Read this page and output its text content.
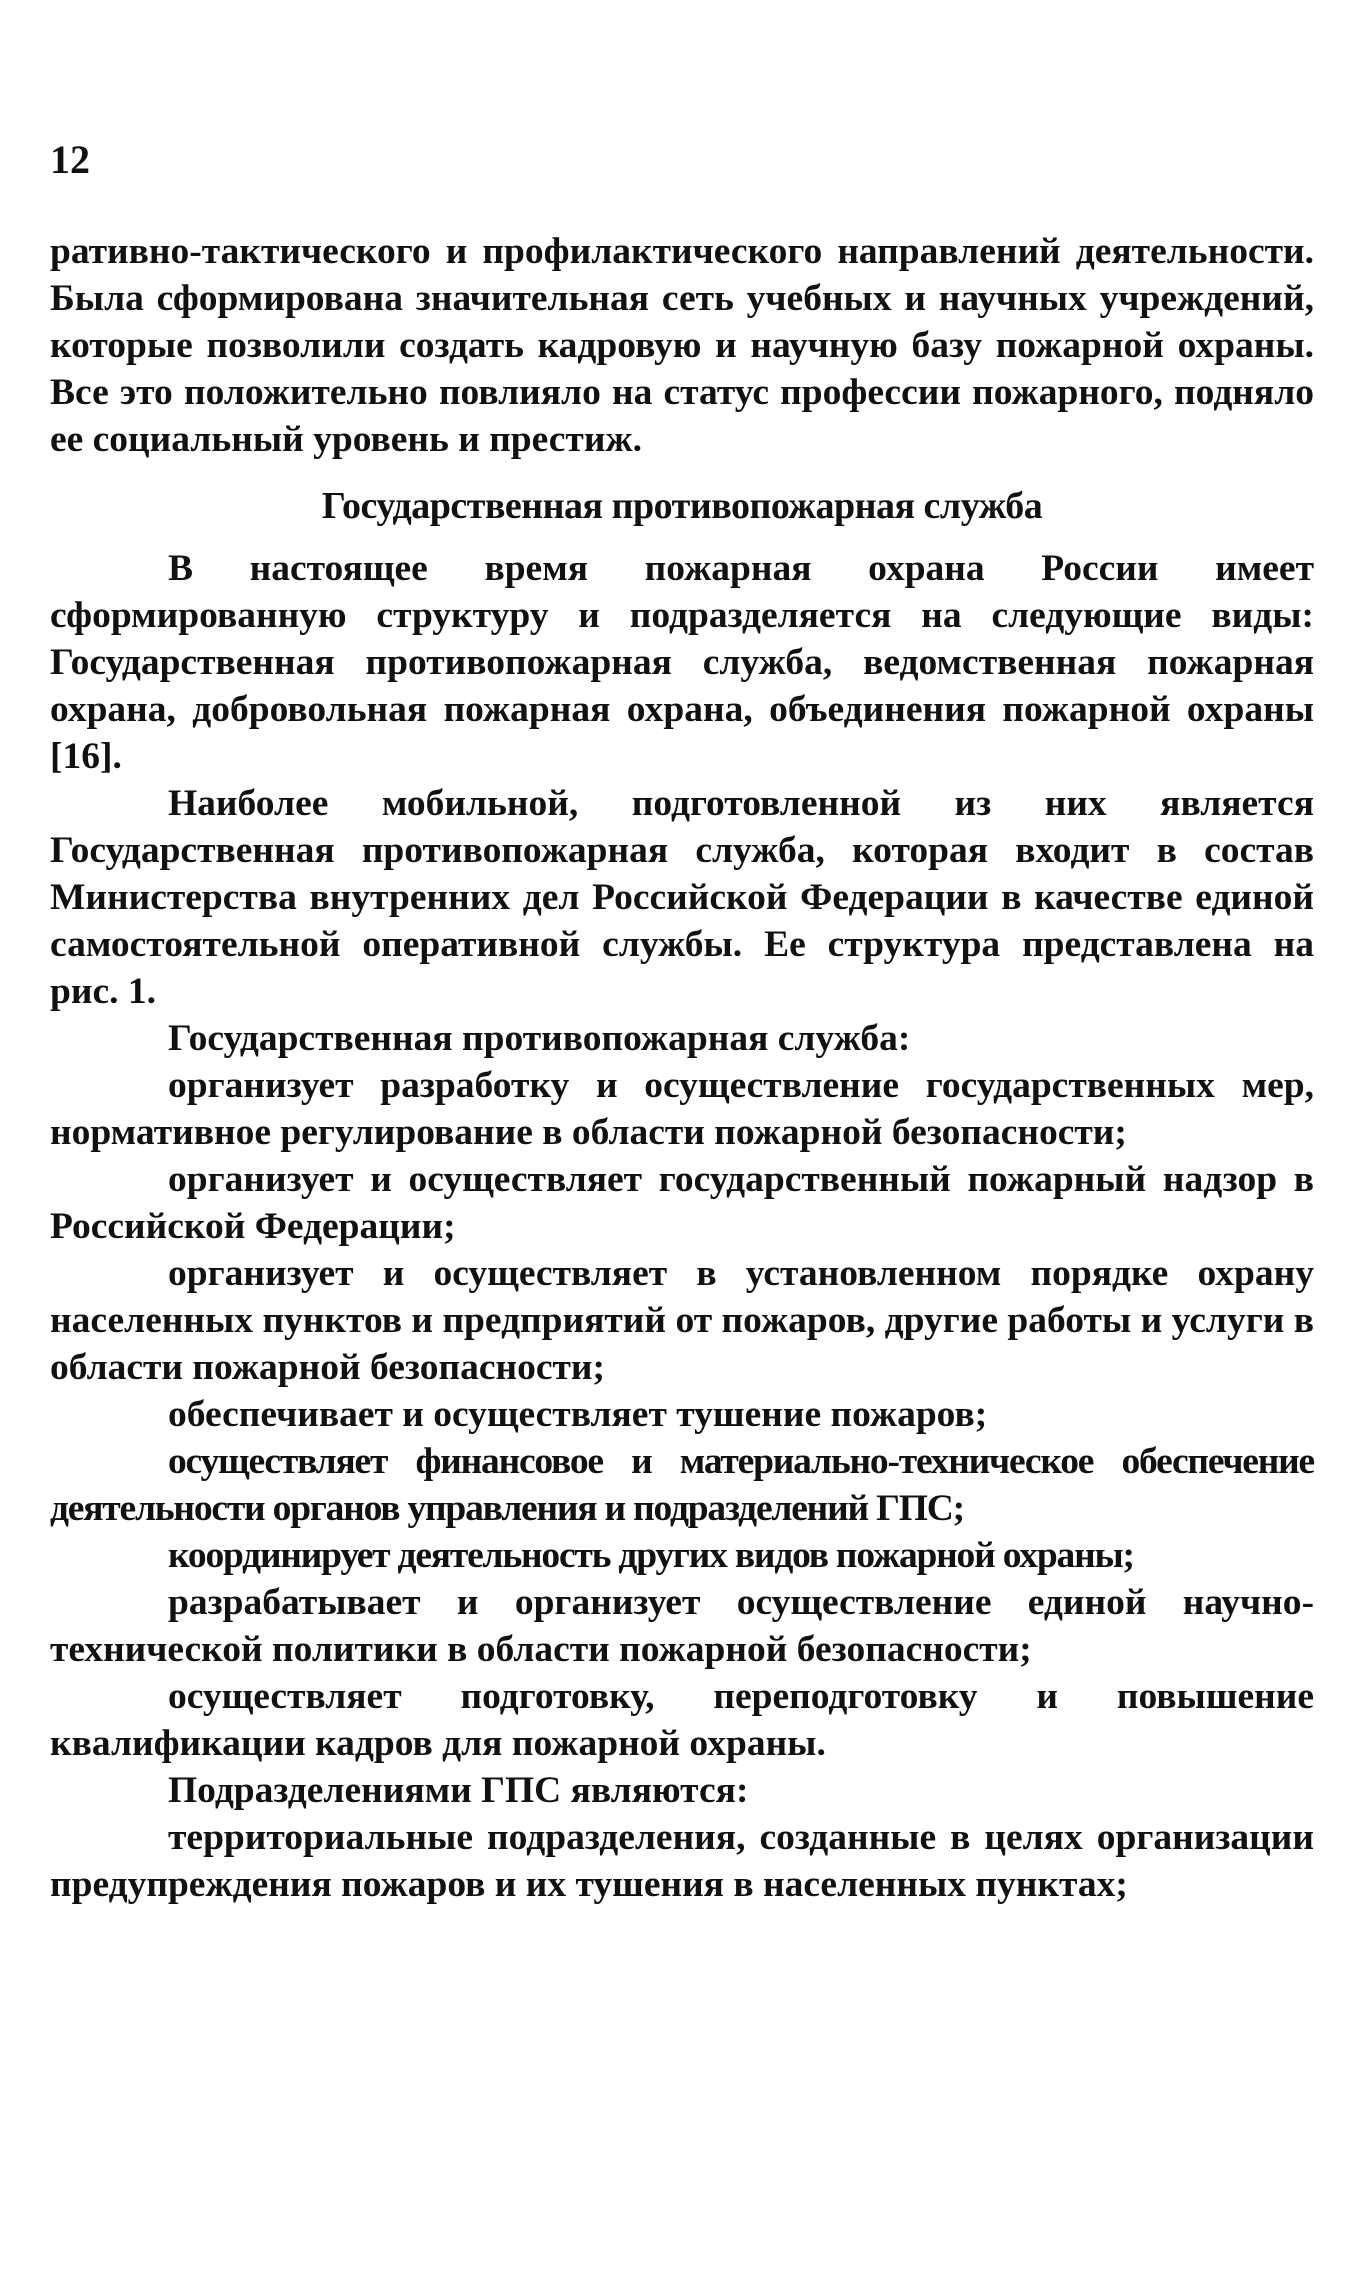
12

ративно-тактического и профилактического направлений деятельности. Была сформирована значительная сеть учебных и научных учреждений, которые позволили создать кадровую и научную базу пожарной охраны. Все это положительно повлияло на статус профессии пожарного, подняло ее социальный уровень и престиж.

Государственная противопожарная служба

В настоящее время пожарная охрана России имеет сформированную структуру и подразделяется на следующие виды: Государственная противопожарная служба, ведомственная пожарная охрана, добровольная пожарная охрана, объединения пожарной охраны [16].

Наиболее мобильной, подготовленной из них является Государственная противопожарная служба, которая входит в состав Министерства внутренних дел Российской Федерации в качестве единой самостоятельной оперативной службы. Ее структура представлена на рис. 1.

Государственная противопожарная служба:

организует разработку и осуществление государственных мер, нормативное регулирование в области пожарной безопасности;

организует и осуществляет государственный пожарный надзор в Российской Федерации;

организует и осуществляет в установленном порядке охрану населенных пунктов и предприятий от пожаров, другие работы и услуги в области пожарной безопасности;

обеспечивает и осуществляет тушение пожаров;

осуществляет финансовое и материально-техническое обеспечение деятельности органов управления и подразделений ГПС;

координирует деятельность других видов пожарной охраны;

разрабатывает и организует осуществление единой научно-технической политики в области пожарной безопасности;

осуществляет подготовку, переподготовку и повышение квалификации кадров для пожарной охраны.

Подразделениями ГПС являются:

территориальные подразделения, созданные в целях организации предупреждения пожаров и их тушения в населенных пунктах;
